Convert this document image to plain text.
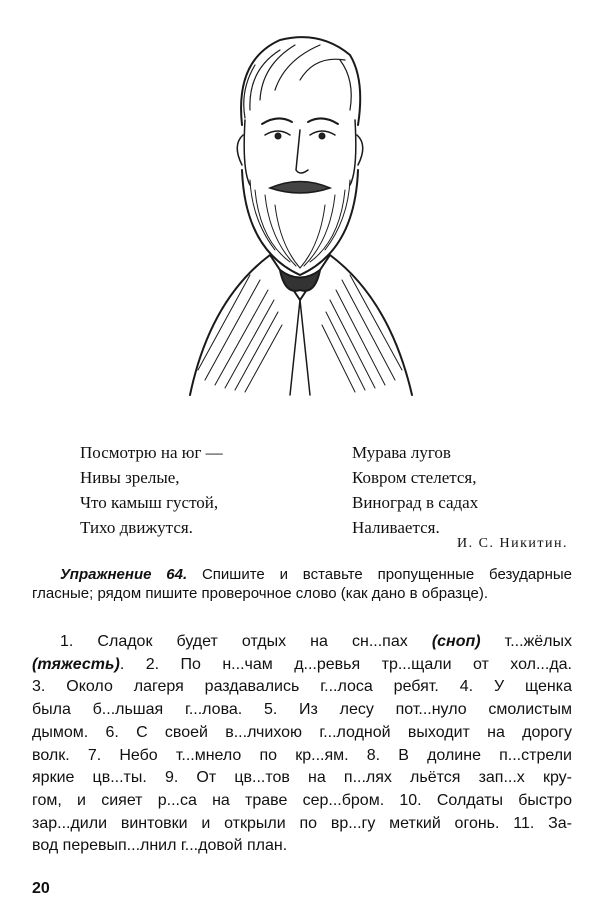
Посмотрю на юг —
Нивы зрелые,
Что камыш густой,
Тихо движутся.
Мурава лугов
Ковром стелется,
Виноград в садах
Наливается.
И. С. Никитин.
Упражнение 64. Спишите и вставьте пропущенные безударные гласные; рядом пишите проверочное слово (как дано в образце).
1. Сладок будет отдых на сн...пах (сноп) т...жёлых
(тяжесть). 2. По н...чам д...ревья тр...щали от хол...да.
3. Около лагеря раздавались г...лоса ребят. 4. У щенка
была б...льшая г...лова. 5. Из лесу пот...нуло смолистым
дымом. 6. С своей в...лчихою г...лодной выходит на дорогу
волк. 7. Небо т...мнело по кр...ям. 8. В долине п...стрели
яркие цв...ты. 9. От цв...тов на п...лях льётся зап...х кру-
гом, и сияет р...са на траве сер...бром. 10. Солдаты быстро
зар...дили винтовки и открыли по вр...гу меткий огонь. 11. За-
вод перевып...лнил г...довой план.
20
